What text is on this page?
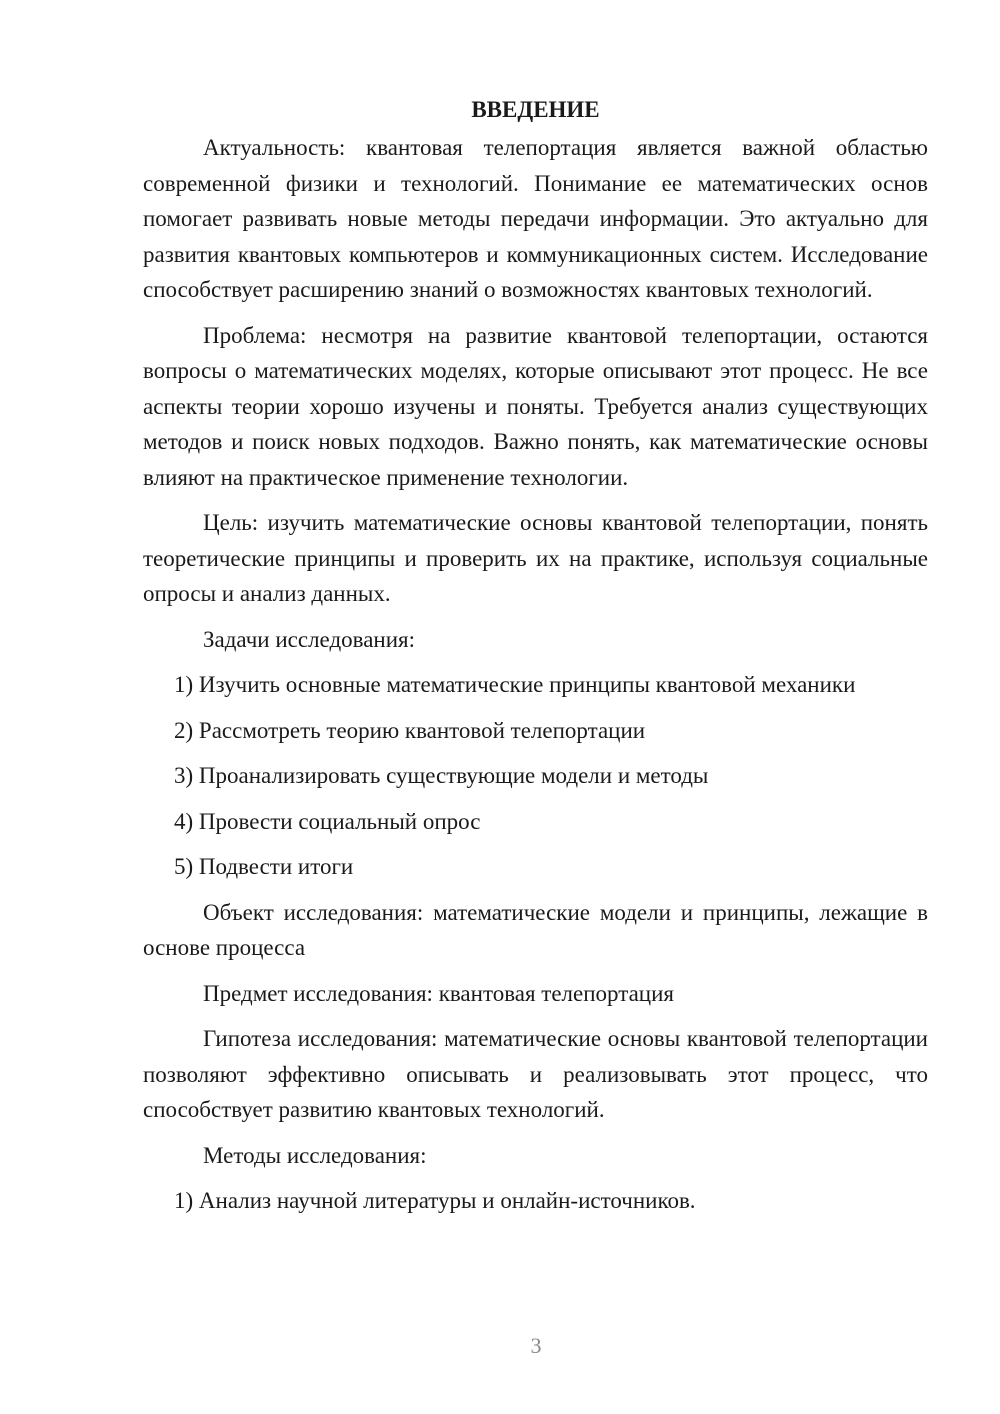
ВВЕДЕНИЕ

Актуальность: квантовая телепортация является важной областью современной физики и технологий. Понимание ее математических основ помогает развивать новые методы передачи информации. Это актуально для развития квантовых компьютеров и коммуникационных систем. Исследование способствует расширению знаний о возможностях квантовых технологий.

Проблема: несмотря на развитие квантовой телепортации, остаются вопросы о математических моделях, которые описывают этот процесс. Не все аспекты теории хорошо изучены и поняты. Требуется анализ существующих методов и поиск новых подходов. Важно понять, как математические основы влияют на практическое применение технологии.

Цель: изучить математические основы квантовой телепортации, понять теоретические принципы и проверить их на практике, используя социальные опросы и анализ данных.

Задачи исследования:

1) Изучить основные математические принципы квантовой механики
2) Рассмотреть теорию квантовой телепортации
3) Проанализировать существующие модели и методы
4) Провести социальный опрос
5) Подвести итоги

Объект исследования: математические модели и принципы, лежащие в основе процесса

Предмет исследования: квантовая телепортация

Гипотеза исследования: математические основы квантовой телепортации позволяют эффективно описывать и реализовывать этот процесс, что способствует развитию квантовых технологий.

Методы исследования:

1) Анализ научной литературы и онлайн-источников.
3
